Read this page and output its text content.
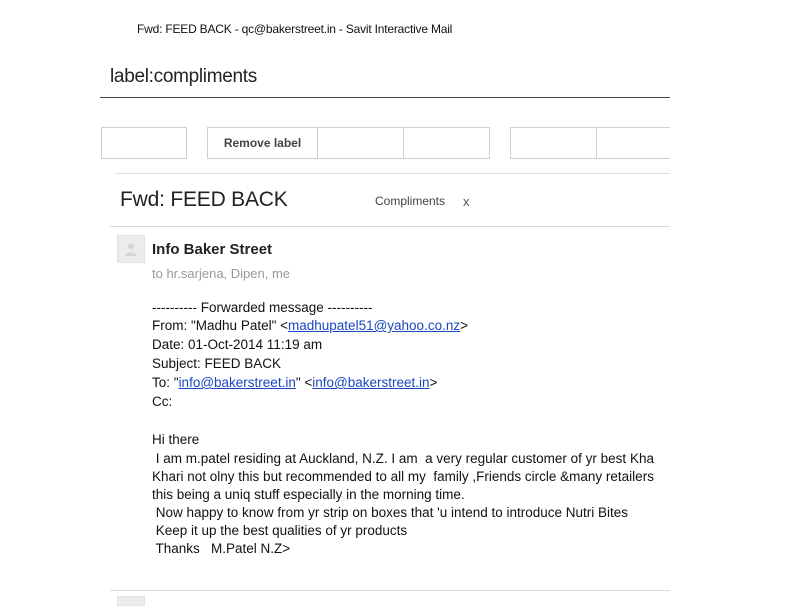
Fwd: FEED BACK - qc@bakerstreet.in - Savit Interactive Mail
label:compliments
Remove label
Fwd: FEED BACK	Compliments x
Info Baker Street
to hr.sarjena, Dipen, me
---------- Forwarded message ----------
From: "Madhu Patel" <madhupatel51@yahoo.co.nz>
Date: 01-Oct-2014 11:19 am
Subject: FEED BACK
To: "info@bakerstreet.in" <info@bakerstreet.in>
Cc:
Hi there
I am m.patel residing at Auckland, N.Z. I am  a very regular customer of yr best Kha
Khari not olny this but recommended to all my  family ,Friends circle &many retailers
this being a uniq stuff especially in the morning time.
Now happy to know from yr strip on boxes that 'u intend to introduce Nutri Bites
Keep it up the best qualities of yr products
Thanks   M.Patel N.Z>
